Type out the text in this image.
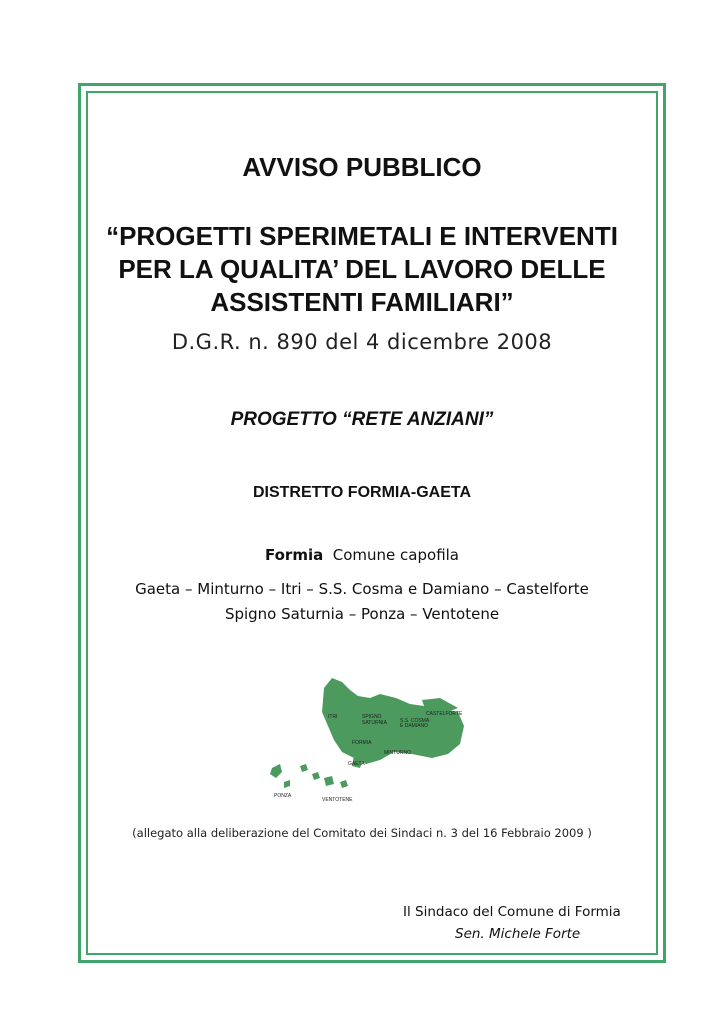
AVVISO PUBBLICO
“PROGETTI SPERIMETALI E INTERVENTI
PER LA QUALITA’ DEL LAVORO DELLE
ASSISTENTI FAMILIARI”
D.G.R. n. 890 del 4 dicembre 2008
PROGETTO “RETE ANZIANI”
DISTRETTO FORMIA-GAETA
Formia Comune capofila
Gaeta – Minturno – Itri – S.S. Cosma e Damiano – Castelforte
Spigno Saturnia – Ponza – Ventotene
ITRI	SPIGNO
SATURNIA
CASTELFORTE
S.S. COSMA
E DAMIANO
FORMIA
MINTURNO
GAETA
PONZA
VENTOTENE
(allegato alla deliberazione del Comitato dei Sindaci n. 3 del 16 Febbraio 2009 )
Il Sindaco del Comune di Formia
Sen. Michele Forte
